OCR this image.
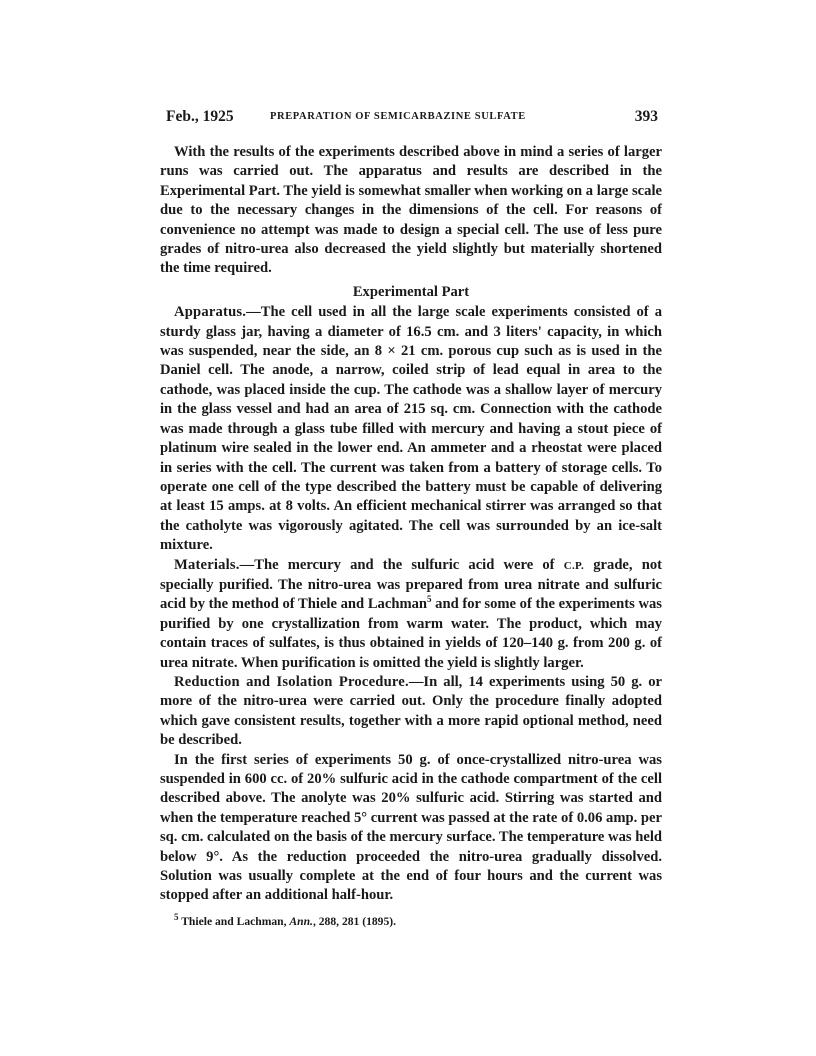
Feb., 1925	PREPARATION OF SEMICARBAZINE SULFATE	393

With the results of the experiments described above in mind a series of larger runs was carried out. The apparatus and results are described in the Experimental Part. The yield is somewhat smaller when working on a large scale due to the necessary changes in the dimensions of the cell. For reasons of convenience no attempt was made to design a special cell. The use of less pure grades of nitro-urea also decreased the yield slightly but materially shortened the time required.

Experimental Part

Apparatus.—The cell used in all the large scale experiments consisted of a sturdy glass jar, having a diameter of 16.5 cm. and 3 liters' capacity, in which was suspended, near the side, an 8 × 21 cm. porous cup such as is used in the Daniel cell. The anode, a narrow, coiled strip of lead equal in area to the cathode, was placed inside the cup. The cathode was a shallow layer of mercury in the glass vessel and had an area of 215 sq. cm. Connection with the cathode was made through a glass tube filled with mercury and having a stout piece of platinum wire sealed in the lower end. An ammeter and a rheostat were placed in series with the cell. The current was taken from a battery of storage cells. To operate one cell of the type described the battery must be capable of delivering at least 15 amps. at 8 volts. An efficient mechanical stirrer was arranged so that the catholyte was vigorously agitated. The cell was surrounded by an ice-salt mixture.

Materials.—The mercury and the sulfuric acid were of C.P. grade, not specially purified. The nitro-urea was prepared from urea nitrate and sulfuric acid by the method of Thiele and Lachman$^5$ and for some of the experiments was purified by one crystallization from warm water. The product, which may contain traces of sulfates, is thus obtained in yields of 120–140 g. from 200 g. of urea nitrate. When purification is omitted the yield is slightly larger.

Reduction and Isolation Procedure.—In all, 14 experiments using 50 g. or more of the nitro-urea were carried out. Only the procedure finally adopted which gave consistent results, together with a more rapid optional method, need be described.

In the first series of experiments 50 g. of once-crystallized nitro-urea was suspended in 600 cc. of 20% sulfuric acid in the cathode compartment of the cell described above. The anolyte was 20% sulfuric acid. Stirring was started and when the temperature reached 5° current was passed at the rate of 0.06 amp. per sq. cm. calculated on the basis of the mercury surface. The temperature was held below 9°. As the reduction proceeded the nitro-urea gradually dissolved. Solution was usually complete at the end of four hours and the current was stopped after an additional half-hour.

$^5$ Thiele and Lachman, Ann., 288, 281 (1895).
